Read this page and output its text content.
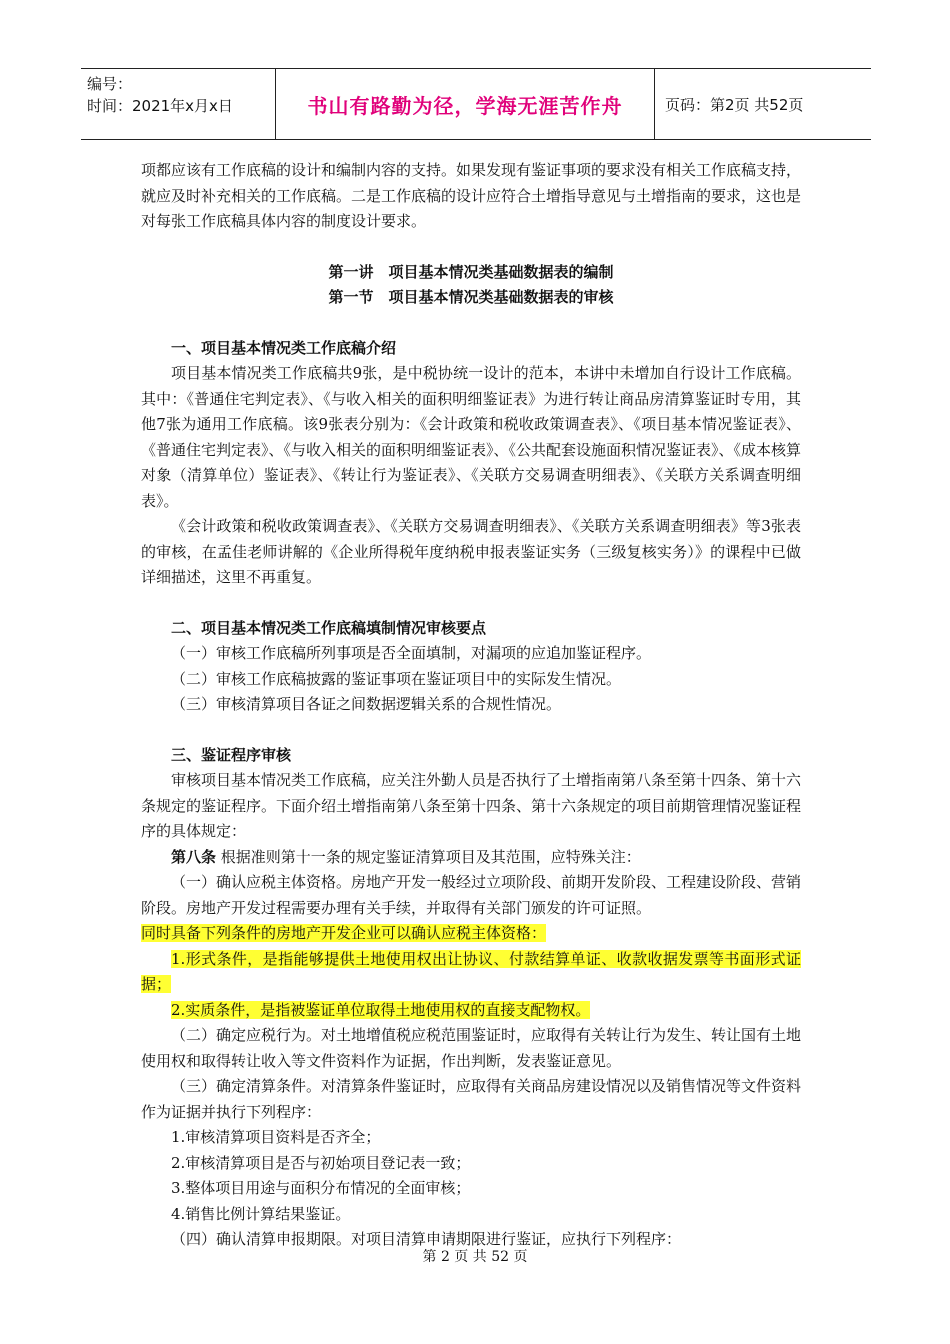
编号：
时间：2021年x月x日	书山有路勤为径，学海无涯苦作舟	页码：第2页 共52页

项都应该有工作底稿的设计和编制内容的支持。如果发现有鉴证事项的要求没有相关工作底稿支持，就应及时补充相关的工作底稿。二是工作底稿的设计应符合土增指导意见与土增指南的要求，这也是对每张工作底稿具体内容的制度设计要求。

第一讲　项目基本情况类基础数据表的编制

第一节　项目基本情况类基础数据表的审核

一、项目基本情况类工作底稿介绍

项目基本情况类工作底稿共9张，是中税协统一设计的范本，本讲中未增加自行设计工作底稿。其中：《普通住宅判定表》、《与收入相关的面积明细鉴证表》为进行转让商品房清算鉴证时专用，其他7张为通用工作底稿。该9张表分别为：《会计政策和税收政策调查表》、《项目基本情况鉴证表》、《普通住宅判定表》、《与收入相关的面积明细鉴证表》、《公共配套设施面积情况鉴证表》、《成本核算对象（清算单位）鉴证表》、《转让行为鉴证表》、《关联方交易调查明细表》、《关联方关系调查明细表》。

《会计政策和税收政策调查表》、《关联方交易调查明细表》、《关联方关系调查明细表》等3张表的审核，在孟佳老师讲解的《企业所得税年度纳税申报表鉴证实务（三级复核实务）》的课程中已做详细描述，这里不再重复。

二、项目基本情况类工作底稿填制情况审核要点

（一）审核工作底稿所列事项是否全面填制，对漏项的应追加鉴证程序。

（二）审核工作底稿披露的鉴证事项在鉴证项目中的实际发生情况。

（三）审核清算项目各证之间数据逻辑关系的合规性情况。

三、鉴证程序审核

审核项目基本情况类工作底稿，应关注外勤人员是否执行了土增指南第八条至第十四条、第十六条规定的鉴证程序。下面介绍土增指南第八条至第十四条、第十六条规定的项目前期管理情况鉴证程序的具体规定：

第八条 根据准则第十一条的规定鉴证清算项目及其范围，应特殊关注：

（一）确认应税主体资格。房地产开发一般经过立项阶段、前期开发阶段、工程建设阶段、营销阶段。房地产开发过程需要办理有关手续，并取得有关部门颁发的许可证照。

同时具备下列条件的房地产开发企业可以确认应税主体资格：

1.形式条件，是指能够提供土地使用权出让协议、付款结算单证、收款收据发票等书面形式证据；

2.实质条件，是指被鉴证单位取得土地使用权的直接支配物权。

（二）确定应税行为。对土地增值税应税范围鉴证时，应取得有关转让行为发生、转让国有土地使用权和取得转让收入等文件资料作为证据，作出判断，发表鉴证意见。

（三）确定清算条件。对清算条件鉴证时，应取得有关商品房建设情况以及销售情况等文件资料作为证据并执行下列程序：

1.审核清算项目资料是否齐全；

2.审核清算项目是否与初始项目登记表一致；

3.整体项目用途与面积分布情况的全面审核；

4.销售比例计算结果鉴证。

（四）确认清算申报期限。对项目清算申请期限进行鉴证，应执行下列程序：

第 2 页 共 52 页
